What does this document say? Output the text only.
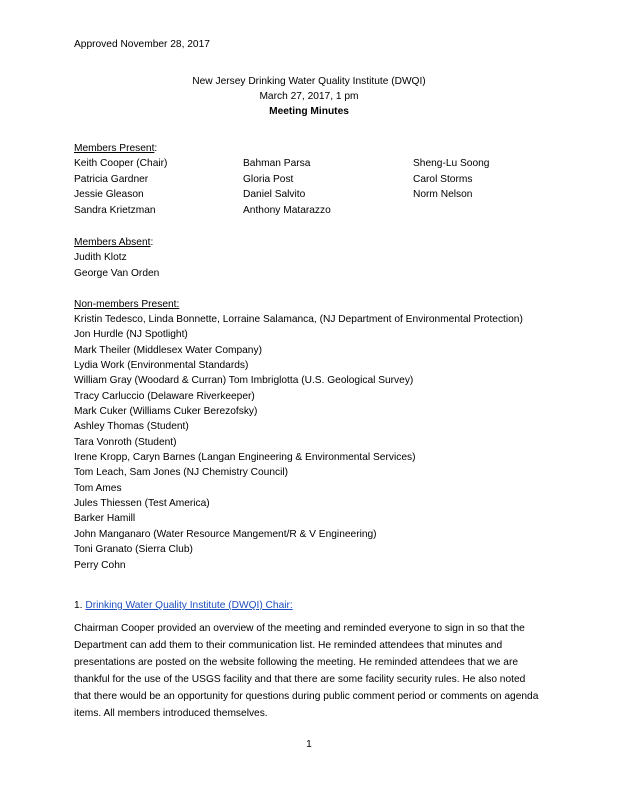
Approved November 28, 2017
New Jersey Drinking Water Quality Institute (DWQI)
March 27, 2017, 1 pm
Meeting Minutes
Members Present:
Keith Cooper (Chair)
Patricia Gardner
Jessie Gleason
Sandra Krietzman
Bahman Parsa
Gloria Post
Daniel Salvito
Anthony Matarazzo
Sheng-Lu Soong
Carol Storms
Norm Nelson
Members Absent:
Judith Klotz
George Van Orden
Non-members Present:
Kristin Tedesco, Linda Bonnette, Lorraine Salamanca, (NJ Department of Environmental Protection)
Jon Hurdle (NJ Spotlight)
Mark Theiler (Middlesex Water Company)
Lydia Work (Environmental Standards)
William Gray (Woodard & Curran) Tom Imbriglotta (U.S. Geological Survey)
Tracy Carluccio (Delaware Riverkeeper)
Mark Cuker (Williams Cuker Berezofsky)
Ashley Thomas (Student)
Tara Vonroth (Student)
Irene Kropp, Caryn Barnes (Langan Engineering & Environmental Services)
Tom Leach, Sam Jones (NJ Chemistry Council)
Tom Ames
Jules Thiessen (Test America)
Barker Hamill
John Manganaro (Water Resource Mangement/R & V Engineering)
Toni Granato (Sierra Club)
Perry Cohn
1. Drinking Water Quality Institute (DWQI) Chair:
Chairman Cooper provided an overview of the meeting and reminded everyone to sign in so that the Department can add them to their communication list. He reminded attendees that minutes and presentations are posted on the website following the meeting. He reminded attendees that we are thankful for the use of the USGS facility and that there are some facility security rules. He also noted that there would be an opportunity for questions during public comment period or comments on agenda items. All members introduced themselves.
1
